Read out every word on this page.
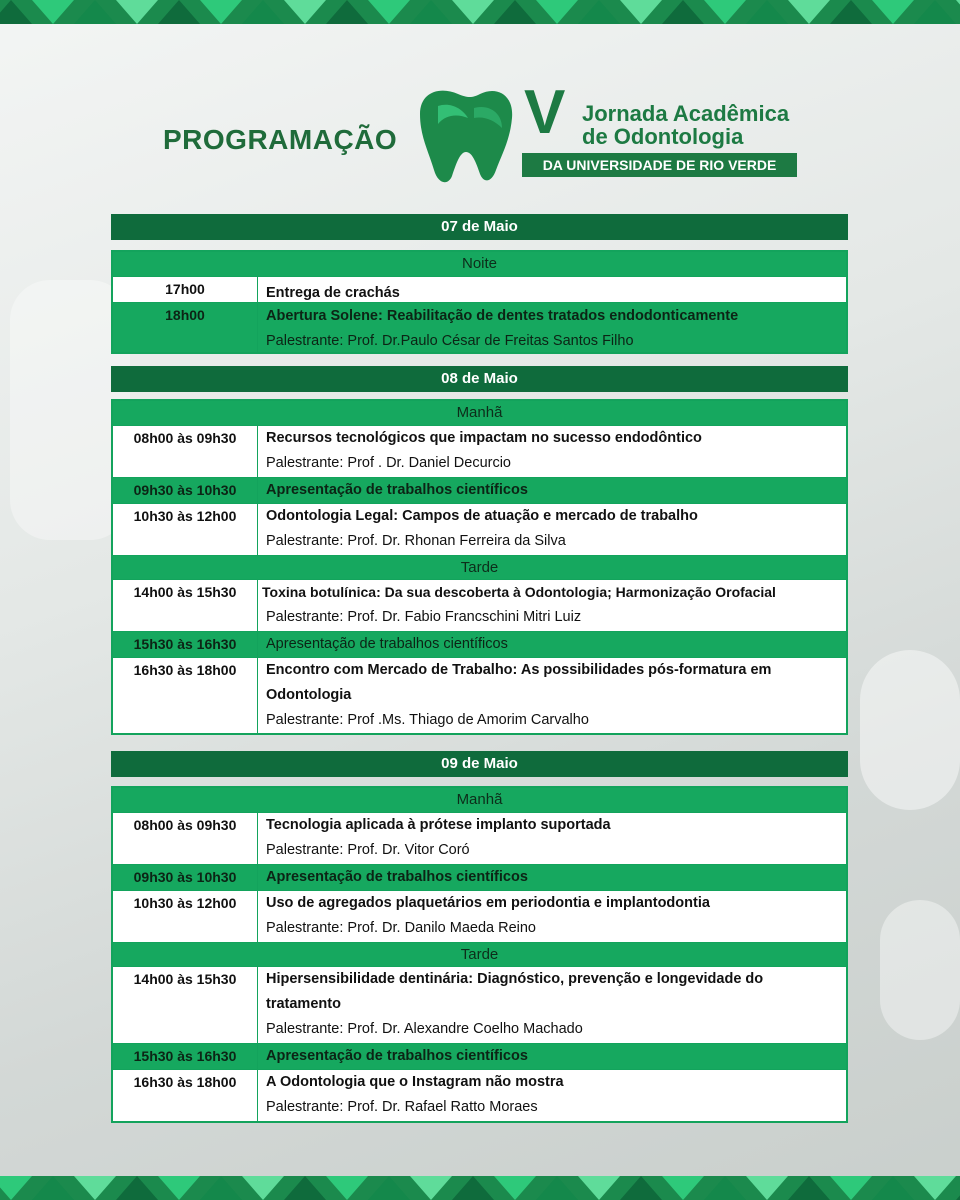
PROGRAMAÇÃO V Jornada Acadêmica
de Odontologia
DA UNIVERSIDADE DE RIO VERDE
07 de Maio
Noite
17h00	Entrega de crachás
18h00	Abertura Solene: Reabilitação de dentes tratados endodonticamente
Palestrante: Prof. Dr.Paulo César de Freitas Santos Filho
08 de Maio
Manhã
08h00 às 09h30	Recursos tecnológicos que impactam no sucesso endodôntico
Palestrante: Prof . Dr. Daniel Decurcio
09h30 às 10h30	Apresentação de trabalhos científicos
10h30 às 12h00	Odontologia Legal: Campos de atuação e mercado de trabalho
Palestrante: Prof. Dr. Rhonan Ferreira da Silva
Tarde
14h00 às 15h30	Toxina botulínica: Da sua descoberta à Odontologia; Harmonização Orofacial
Palestrante: Prof. Dr. Fabio Francschini Mitri Luiz
15h30 às 16h30	Apresentação de trabalhos científicos
16h30 às 18h00	Encontro com Mercado de Trabalho: As possibilidades pós-formatura em Odontologia
Palestrante: Prof .Ms. Thiago de Amorim Carvalho
09 de Maio
Manhã
08h00 às 09h30	Tecnologia aplicada à prótese implanto suportada
Palestrante: Prof. Dr. Vitor Coró
09h30 às 10h30	Apresentação de trabalhos científicos
10h30 às 12h00	Uso de agregados plaquetários em periodontia e implantodontia
Palestrante: Prof. Dr. Danilo Maeda Reino
Tarde
14h00 às 15h30	Hipersensibilidade dentinária: Diagnóstico, prevenção e longevidade do tratamento
Palestrante: Prof. Dr. Alexandre Coelho Machado
15h30 às 16h30	Apresentação de trabalhos científicos
16h30 às 18h00	A Odontologia que o Instagram não mostra
Palestrante: Prof. Dr. Rafael Ratto Moraes
